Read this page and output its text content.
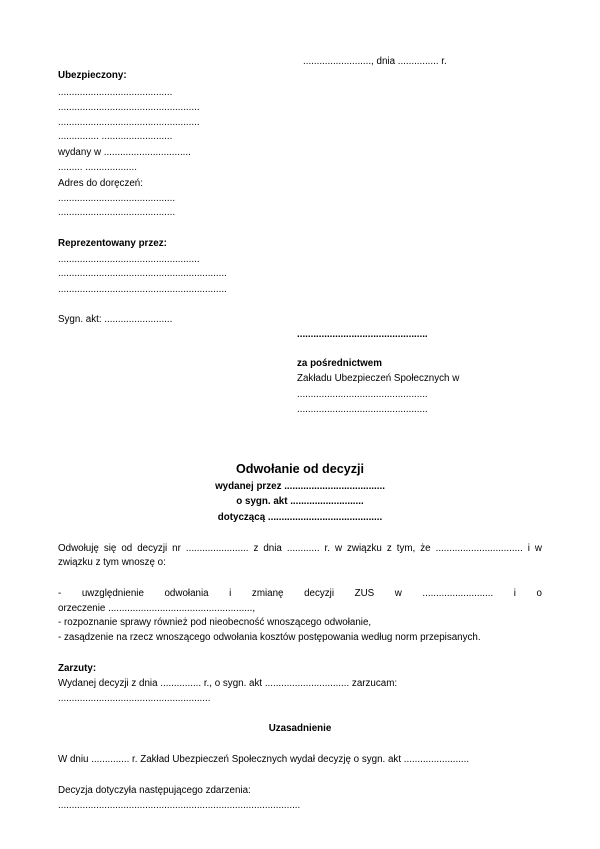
........................., dnia ............... r.
Ubezpieczony:
..........................................
....................................................
....................................................
............... ..........................
wydany w ................................
......... ...................
Adres do doręczeń:
...........................................
...........................................
Reprezentowany przez:
....................................................
..............................................................
..............................................................
Sygn. akt: .........................
................................................
za pośrednictwem
Zakładu Ubezpieczeń Społecznych w
................................................
................................................
Odwołanie od decyzji
wydanej przez .....................................
o sygn. akt ...........................
dotyczącą ..........................................
Odwołuję się od decyzji nr ....................... z dnia ............ r. w związku z tym, że ................................ i w
związku z tym wnoszę o:
- uwzględnienie odwołania i zmianę decyzji ZUS w .......................... i o
orzeczenie .....................................................,
- rozpoznanie sprawy również pod nieobecność wnoszącego odwołanie,
- zasądzenie na rzecz wnoszącego odwołania kosztów postępowania według norm przepisanych.
Zarzuty:
Wydanej decyzji z dnia ............... r., o sygn. akt ............................... zarzucam:
........................................................
Uzasadnienie
W dniu .............. r. Zakład Ubezpieczeń Społecznych wydał decyzję o sygn. akt ........................
Decyzja dotyczyła następującego zdarzenia:
.........................................................................................
